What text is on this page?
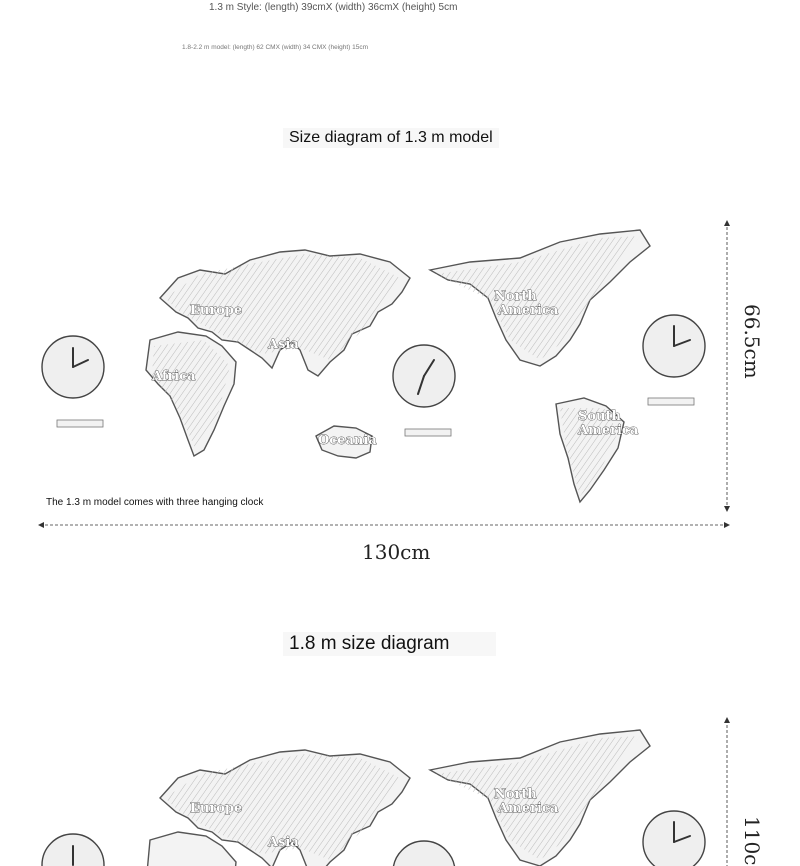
1.3 m Style: (length) 39cmX (width) 36cmX (height) 5cm
1.8-2.2 m model: (length) 62 CMX (width) 34 CMX (height) 15cm
Size diagram of 1.3 m model
Europe
Asia
Africa
Oceania
North
America
South
America
The 1.3 m model comes with three hanging clock
130cm
66.5cm
1.8 m size diagram
Europe
Asia
North
America
110c
